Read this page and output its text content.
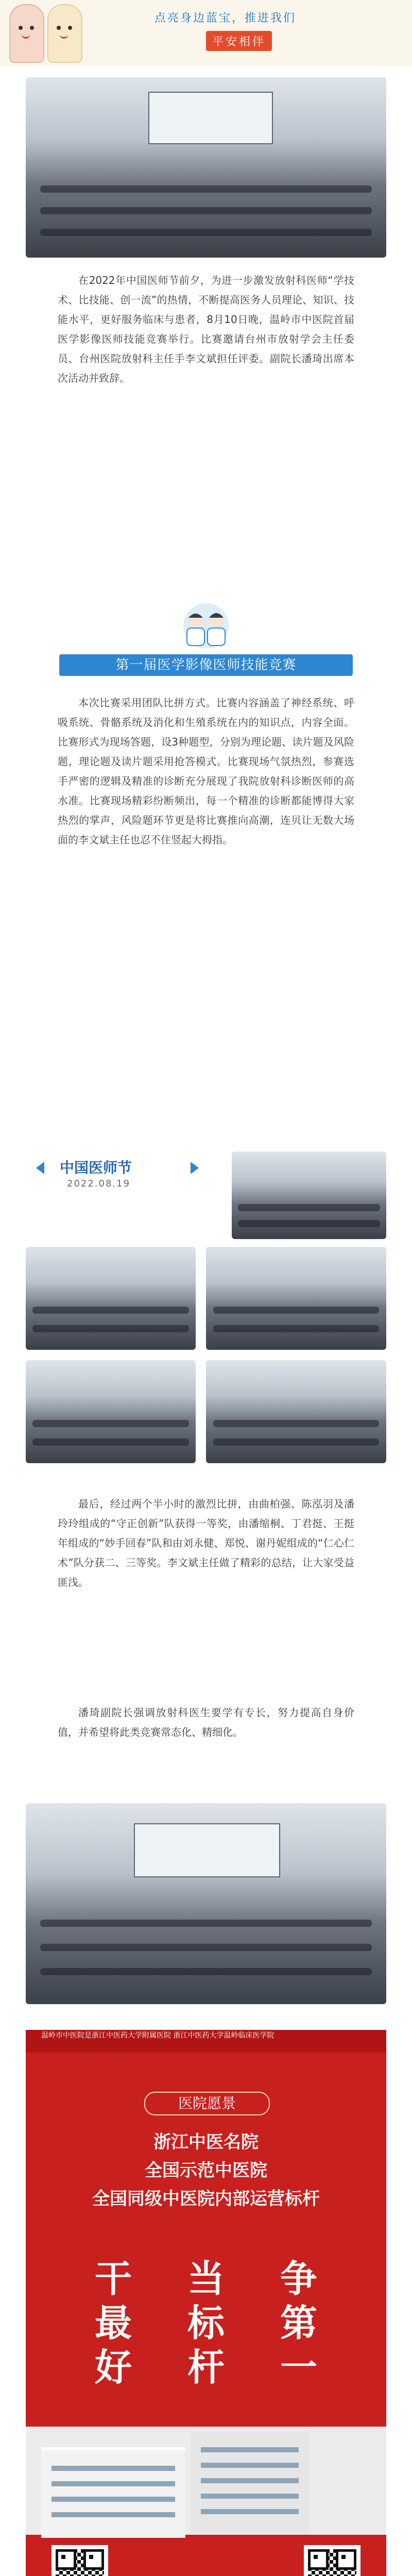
点亮身边蓝宝，推进我们
平安相伴

在2022年中国医师节前夕，为进一步激发放射科医师“学技术、比技能、创一流”的热情，不断提高医务人员理论、知识、技能水平，更好服务临床与患者，8月10日晚，温岭市中医院首届医学影像医师技能竞赛举行。比赛邀请台州市放射学会主任委员、台州医院放射科主任手李文斌担任评委。副院长潘琦出席本次活动并致辞。

第一届医学影像医师技能竞赛

本次比赛采用团队比拼方式。比赛内容涵盖了神经系统、呼吸系统、骨骼系统及消化和生殖系统在内的知识点，内容全面。比赛形式为现场答题，设3种题型，分别为理论题、读片题及风险题，理论题及读片题采用抢答模式。比赛现场气氛热烈，参赛选手严密的逻辑及精准的诊断充分展现了我院放射科诊断医师的高水准。比赛现场精彩纷断频出，每一个精准的诊断都能博得大家热烈的掌声，风险题环节更是将比赛推向高潮，连贝让无数大场面的李文斌主任也忍不住竖起大拇指。

中国医师节
2022.08.19

最后，经过两个半小时的激烈比拼，由曲柏强、陈泓羽及潘玲玲组成的“守正创新”队获得一等奖，由潘缩桐、丁君挺、王挺年组成的“妙手回春”队和由刘永健、郑悦、谢丹妮组成的“仁心仁术”队分获二、三等奖。李文斌主任做了精彩的总结，让大家受益匪浅。

潘琦副院长强调放射科医生要学有专长，努力提高自身价值，并希望将此类竞赛常态化、精细化。

温岭市中医院是浙江中医药大学附属医院 浙江中医药大学温岭临床医学院
医院愿景
浙江中医名院
全国示范中医院
全国同级中医院内部运营标杆
干最好
当标杆
争第一
